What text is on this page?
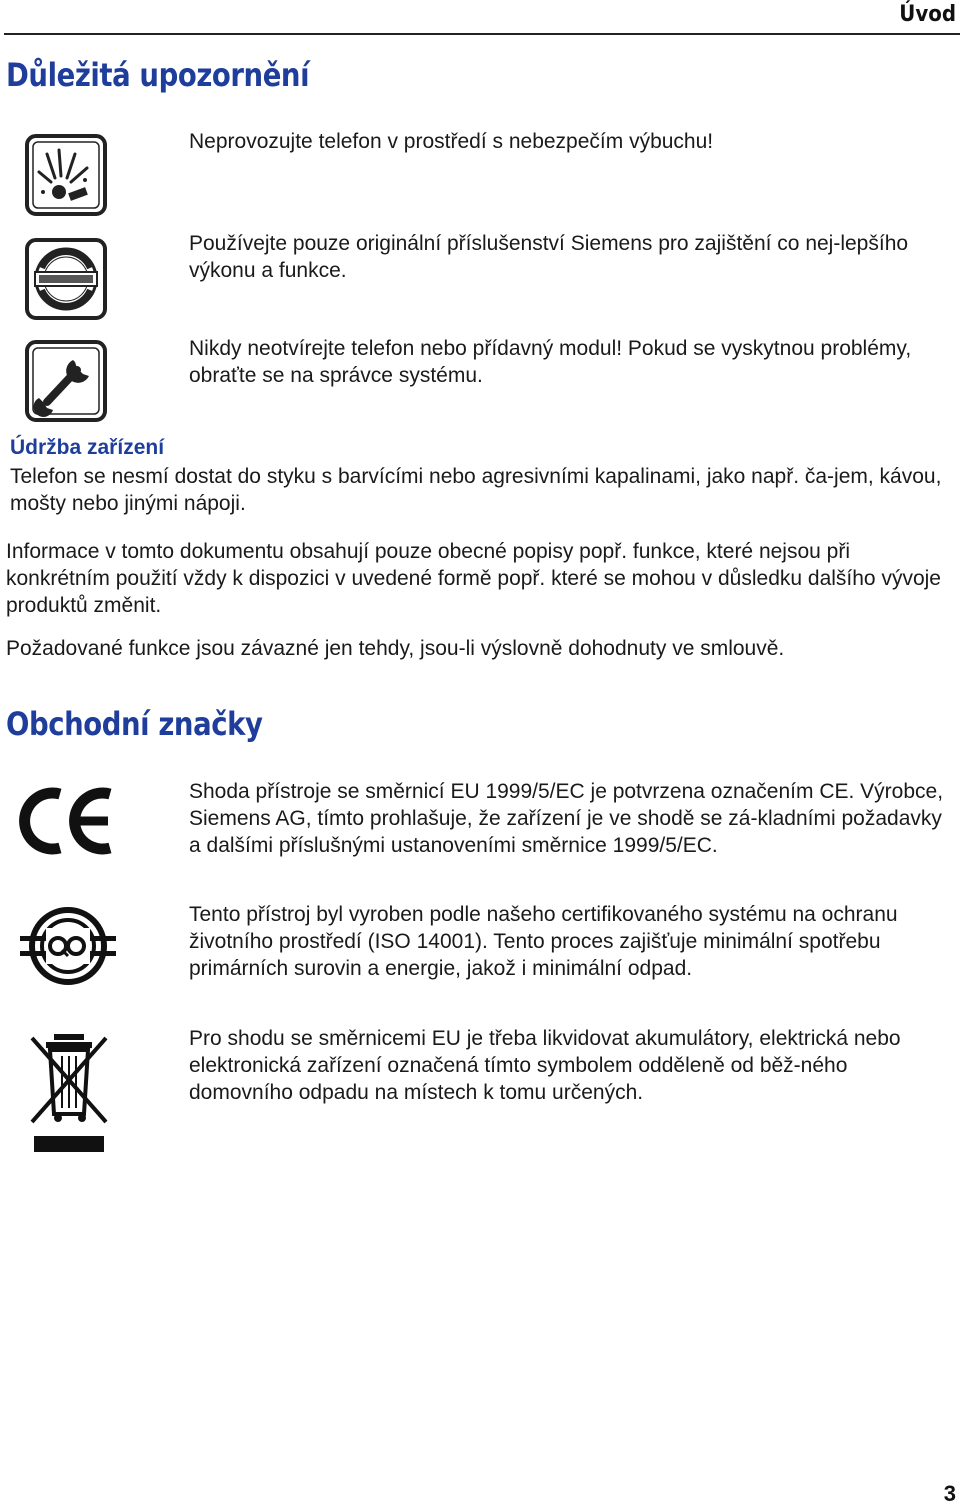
Úvod
Důležitá upozornění
Neprovozujte telefon v prostředí s nebezpečím výbuchu!
Používejte pouze originální příslušenství Siemens pro zajištění co nej-lepšího výkonu a funkce.
Nikdy neotvírejte telefon nebo přídavný modul! Pokud se vyskytnou problémy, obraťte se na správce systému.
Údržba zařízení
Telefon se nesmí dostat do styku s barvícími nebo agresivními kapalinami, jako např. ča-jem, kávou, mošty nebo jinými nápoji.
Informace v tomto dokumentu obsahují pouze obecné popisy popř. funkce, které nejsou při konkrétním použití vždy k dispozici v uvedené formě popř. které se mohou v důsledku dalšího vývoje produktů změnit.
Požadované funkce jsou závazné jen tehdy, jsou-li výslovně dohodnuty ve smlouvě.
Obchodní značky
Shoda přístroje se směrnicí EU 1999/5/EC je potvrzena označením CE. Výrobce, Siemens AG, tímto prohlašuje, že zařízení je ve shodě se zá-kladními požadavky a dalšími příslušnými ustanoveními směrnice 1999/5/EC.
Tento přístroj byl vyroben podle našeho certifikovaného systému na ochranu životního prostředí (ISO 14001). Tento proces zajišťuje minimální spotřebu primárních surovin a energie, jakož i minimální odpad.
Pro shodu se směrnicemi EU je třeba likvidovat akumulátory, elektrická nebo elektronická zařízení označená tímto symbolem odděleně od běž-ného domovního odpadu na místech k tomu určených.
3
